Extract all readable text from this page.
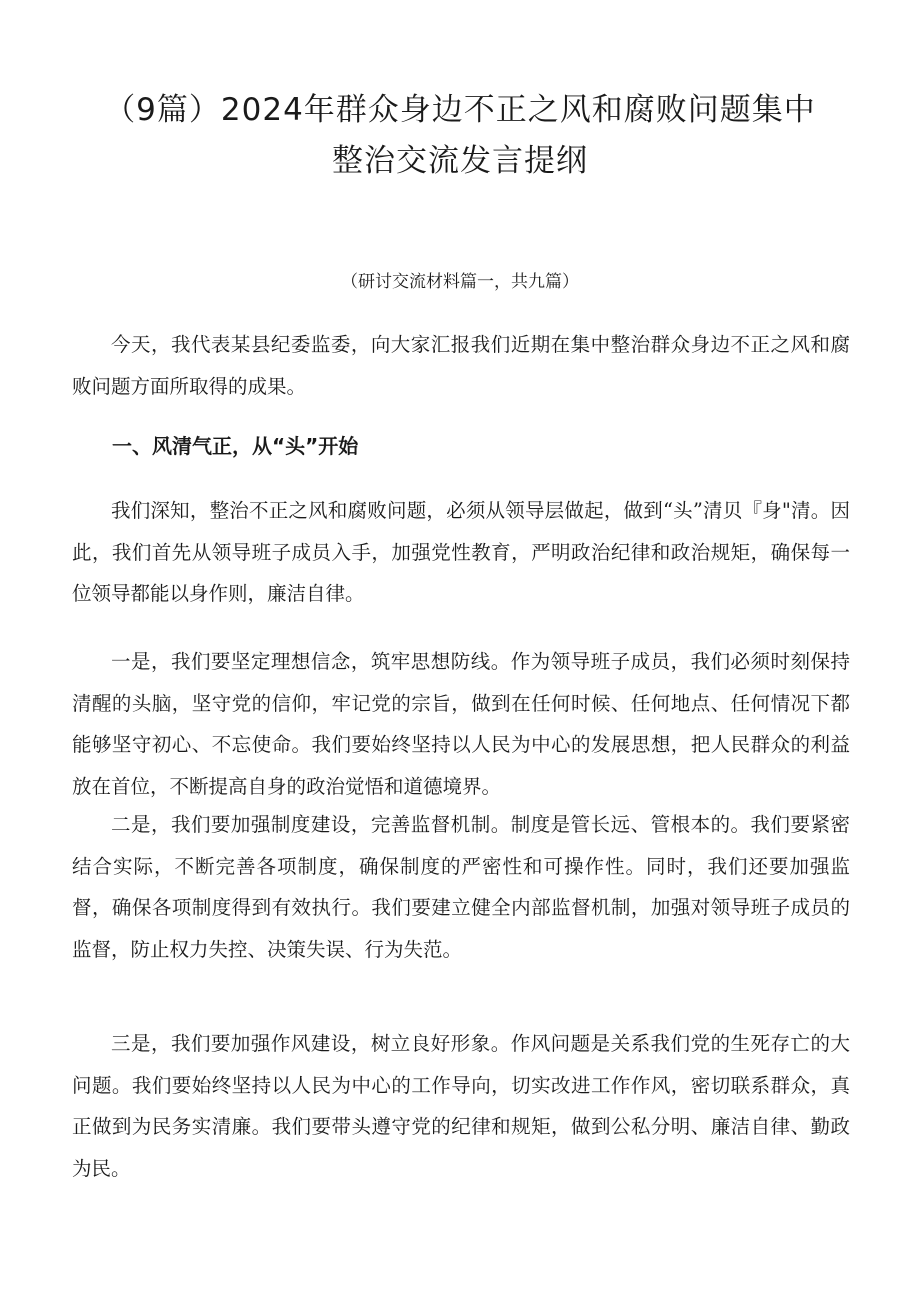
（9篇）2024年群众身边不正之风和腐败问题集中
整治交流发言提纲
（研讨交流材料篇一，共九篇）

今天，我代表某县纪委监委，向大家汇报我们近期在集中整治群众身边不正之风和腐败问题方面所取得的成果。

一、风清气正，从“头”开始

我们深知，整治不正之风和腐败问题，必须从领导层做起，做到“头”清贝『身"清。因此，我们首先从领导班子成员入手，加强党性教育，严明政治纪律和政治规矩，确保每一位领导都能以身作则，廉洁自律。

一是，我们要坚定理想信念，筑牢思想防线。作为领导班子成员，我们必须时刻保持清醒的头脑，坚守党的信仰，牢记党的宗旨，做到在任何时候、任何地点、任何情况下都能够坚守初心、不忘使命。我们要始终坚持以人民为中心的发展思想，把人民群众的利益放在首位，不断提高自身的政治觉悟和道德境界。

二是，我们要加强制度建设，完善监督机制。制度是管长远、管根本的。我们要紧密结合实际，不断完善各项制度，确保制度的严密性和可操作性。同时，我们还要加强监督，确保各项制度得到有效执行。我们要建立健全内部监督机制，加强对领导班子成员的监督，防止权力失控、决策失误、行为失范。

三是，我们要加强作风建设，树立良好形象。作风问题是关系我们党的生死存亡的大问题。我们要始终坚持以人民为中心的工作导向，切实改进工作作风，密切联系群众，真正做到为民务实清廉。我们要带头遵守党的纪律和规矩，做到公私分明、廉洁自律、勤政为民。
